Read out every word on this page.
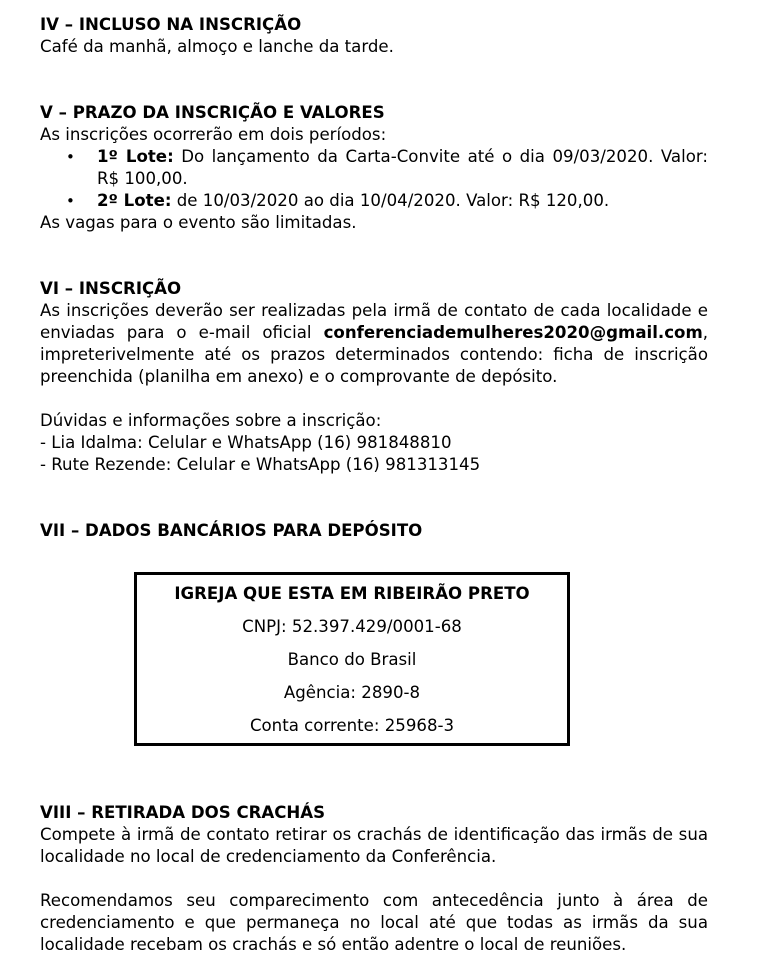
IV – INCLUSO NA INSCRIÇÃO

Café da manhã, almoço e lanche da tarde.

V – PRAZO DA INSCRIÇÃO E VALORES

As inscrições ocorrerão em dois períodos:

• 1º Lote: Do lançamento da Carta-Convite até o dia 09/03/2020. Valor: R$ 100,00.
• 2º Lote: de 10/03/2020 ao dia 10/04/2020. Valor: R$ 120,00.

As vagas para o evento são limitadas.

VI – INSCRIÇÃO

As inscrições deverão ser realizadas pela irmã de contato de cada localidade e enviadas para o e-mail oficial conferenciademulheres2020@gmail.com, impreterivelmente até os prazos determinados contendo: ficha de inscrição preenchida (planilha em anexo) e o comprovante de depósito.

Dúvidas e informações sobre a inscrição:

- Lia Idalma: Celular e WhatsApp (16) 981848810

- Rute Rezende: Celular e WhatsApp (16) 981313145

VII – DADOS BANCÁRIOS PARA DEPÓSITO
IGREJA QUE ESTA EM RIBEIRÃO PRETO
CNPJ: 52.397.429/0001-68
Banco do Brasil
Agência: 2890-8
Conta corrente: 25968-3
VIII – RETIRADA DOS CRACHÁS

Compete à irmã de contato retirar os crachás de identificação das irmãs de sua localidade no local de credenciamento da Conferência.

Recomendamos seu comparecimento com antecedência junto à área de credenciamento e que permaneça no local até que todas as irmãs da sua localidade recebam os crachás e só então adentre o local de reuniões.
